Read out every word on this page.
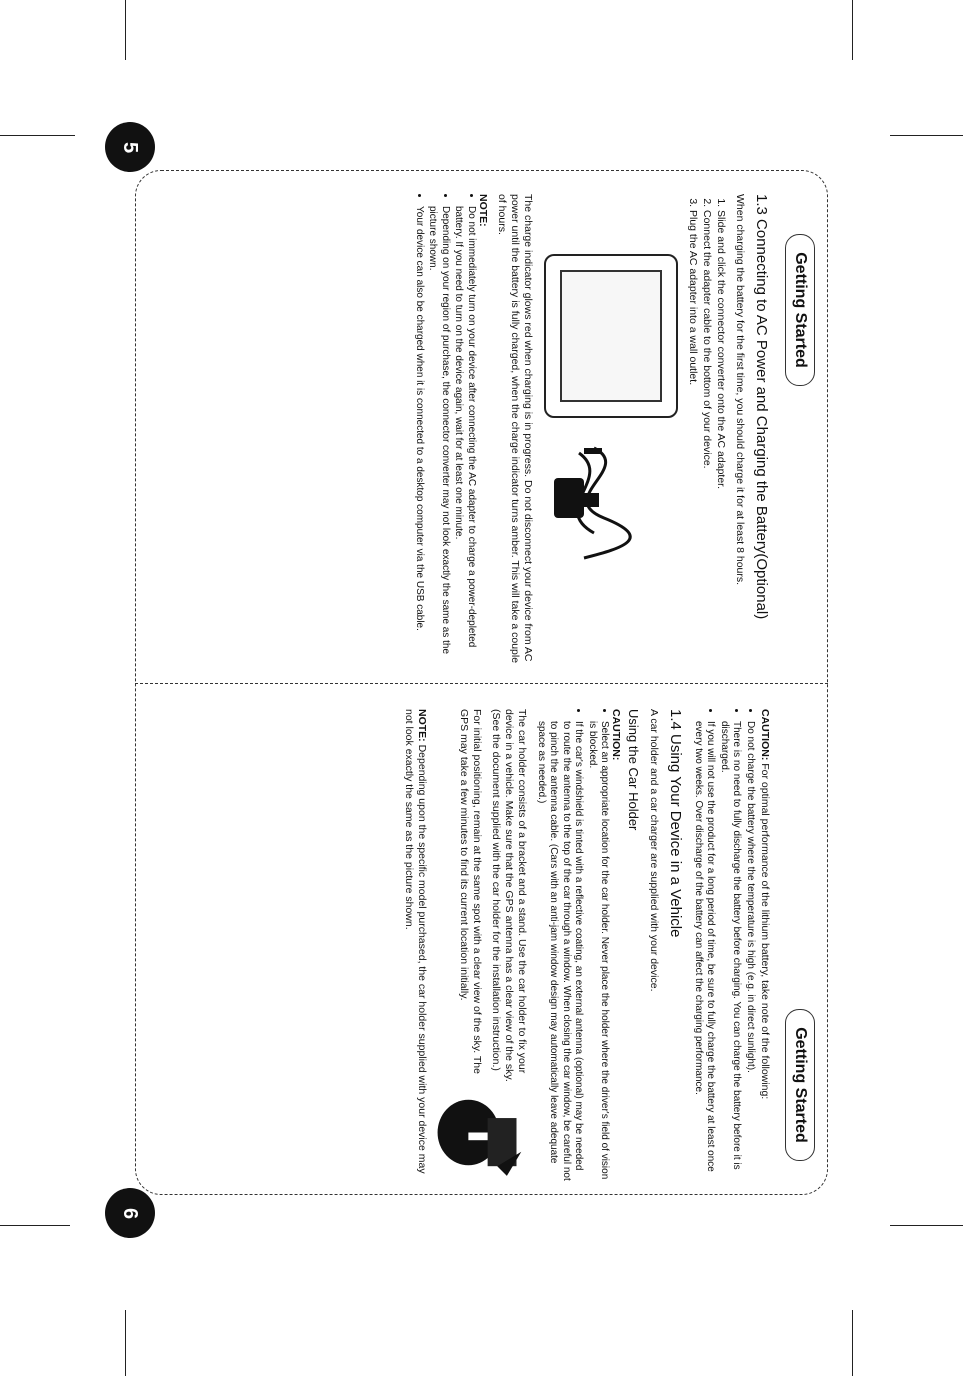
5
6
Getting Started
1.3 Connecting to AC Power and Charging the Battery(Optional)

When charging the battery for the first time, you should charge it for at least 8 hours.

1. Slide and click the connector converter onto the AC adapter.
2. Connect the adapter cable to the bottom of your device.
3. Plug the AC adapter into a wall outlet.

The charge indicator glows red when charging is in progress. Do not disconnect your device from AC power until the battery is fully charged, when the charge indicator turns amber. This will take a couple of hours.

NOTE:
• Do not immediately turn on your device after connecting the AC adapter to charge a power-depleted battery. If you need to turn on the device again, wait for at least one minute.
• Depending on your region of purchase, the connector converter may not look exactly the same as the picture shown.
• Your device can also be charged when it is connected to a desktop computer via the USB cable.
Getting Started

CAUTION: For optimal performance of the lithium battery, take note of the following:

• Do not charge the battery where the temperature is high (e.g. in direct sunlight).
• There is no need to fully discharge the battery before charging. You can charge the battery before it is discharged.
• If you will not use the product for a long period of time, be sure to fully charge the battery at least once every two weeks. Over discharge of the battery can affect the charging performance.
1.4 Using Your Device in a Vehicle

A car holder and a car charger are supplied with your device.

Using the Car Holder
CAUTION:
• Select an appropriate location for the car holder. Never place the holder where the driver's field of vision is blocked.
• If the car's windshield is tinted with a reflective coating, an external antenna (optional) may be needed to route the antenna to the top of the car through a window. When closing the car window, be careful not to pinch the antenna cable. (Cars with an anti-jam window design may automatically leave adequate space as needed.)

The car holder consists of a bracket and a stand. Use the car holder to fix your device in a vehicle. Make sure that the GPS antenna has a clear view of the sky. (See the document supplied with the car holder for the installation instruction.)

For initial positioning, remain at the same spot with a clear view of the sky. The GPS may take a few minutes to find its current location initially.

NOTE: Depending upon the specific model purchased, the car holder supplied with your device may not look exactly the same as the picture shown.
